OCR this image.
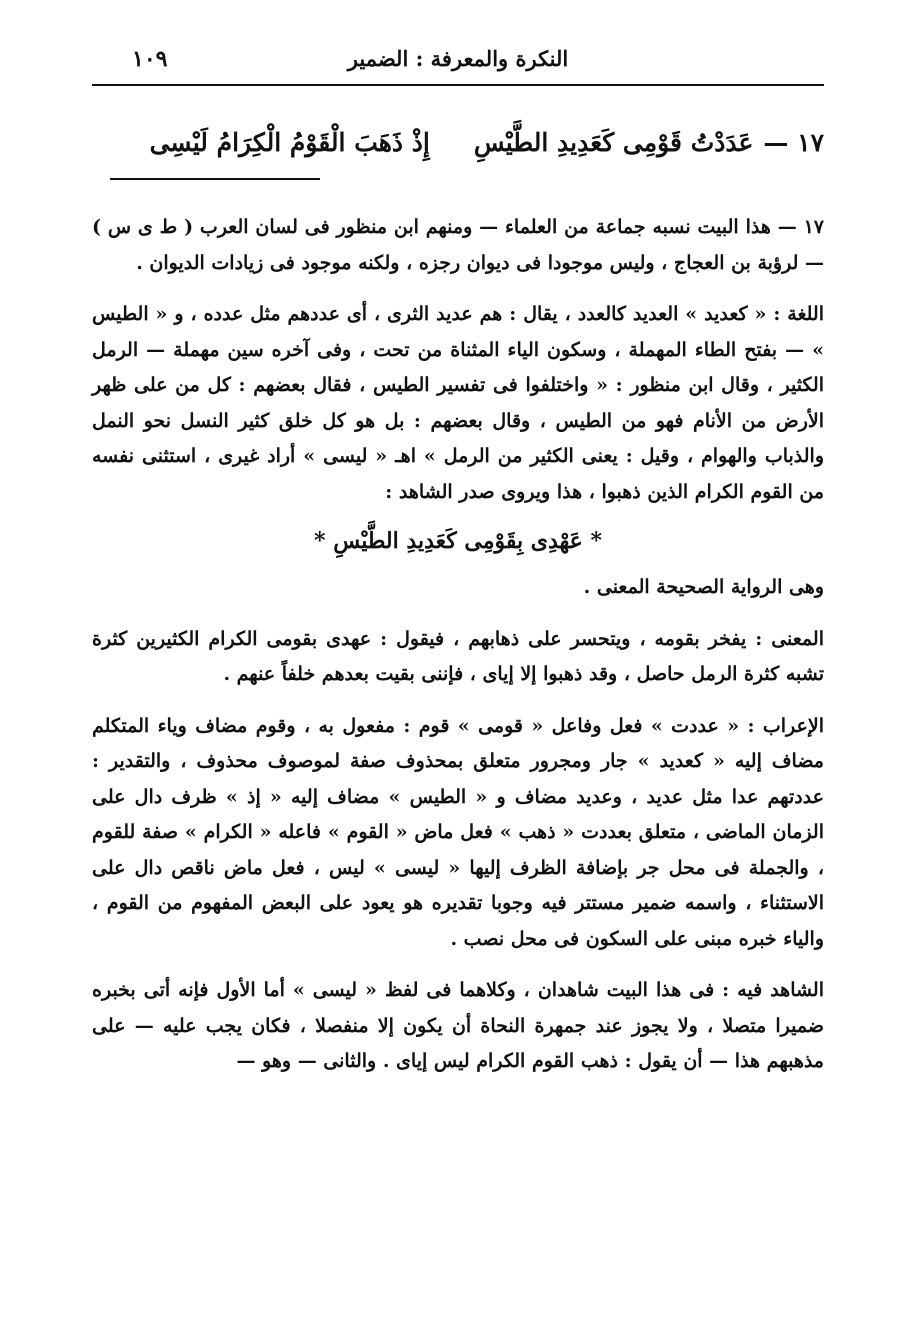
النكرة والمعرفة : الضمير
١٠٩
١٧ —
عَدَدْتُ قَوْمِى كَعَدِيدِ الطَّيْسِ
إِذْ ذَهَبَ الْقَوْمُ الْكِرَامُ لَيْسِى

١٧ — هذا البيت نسبه جماعة من العلماء — ومنهم ابن منظور فى لسان العرب ( ط ى س ) — لرؤبة بن العجاج ، وليس موجودا فى ديوان رجزه ، ولكنه موجود فى زيادات الديوان .

اللغة : « كعديد » العديد كالعدد ، يقال : هم عديد الثرى ، أى عددهم مثل عدده ، و « الطيس » — بفتح الطاء المهملة ، وسكون الياء المثناة من تحت ، وفى آخره سين مهملة — الرمل الكثير ، وقال ابن منظور : « واختلفوا فى تفسير الطيس ، فقال بعضهم : كل من على ظهر الأرض من الأنام فهو من الطيس ، وقال بعضهم : بل هو كل خلق كثير النسل نحو النمل والذباب والهوام ، وقيل : يعنى الكثير من الرمل » اهـ « ليسى » أراد غيرى ، استثنى نفسه من القوم الكرام الذين ذهبوا ، هذا ويروى صدر الشاهد :

* عَهْدِى بِقَوْمِى كَعَدِيدِ الطَّيْسِ *

وهى الرواية الصحيحة المعنى .

المعنى : يفخر بقومه ، ويتحسر على ذهابهم ، فيقول : عهدى بقومى الكرام الكثيرين كثرة تشبه كثرة الرمل حاصل ، وقد ذهبوا إلا إياى ، فإننى بقيت بعدهم خلفاً عنهم .

الإعراب : « عددت » فعل وفاعل « قومى » قوم : مفعول به ، وقوم مضاف وياء المتكلم مضاف إليه « كعديد » جار ومجرور متعلق بمحذوف صفة لموصوف محذوف ، والتقدير : عددتهم عدا مثل عديد ، وعديد مضاف و « الطيس » مضاف إليه « إذ » ظرف دال على الزمان الماضى ، متعلق بعددت « ذهب » فعل ماض « القوم » فاعله « الكرام » صفة للقوم ، والجملة فى محل جر بإضافة الظرف إليها « ليسى » ليس ، فعل ماض ناقص دال على الاستثناء ، واسمه ضمير مستتر فيه وجوبا تقديره هو يعود على البعض المفهوم من القوم ، والياء خبره مبنى على السكون فى محل نصب .

الشاهد فيه : فى هذا البيت شاهدان ، وكلاهما فى لفظ « ليسى » أما الأول فإنه أتى بخبره ضميرا متصلا ، ولا يجوز عند جمهرة النحاة أن يكون إلا منفصلا ، فكان يجب عليه — على مذهبهم هذا — أن يقول : ذهب القوم الكرام ليس إياى . والثانى — وهو —
